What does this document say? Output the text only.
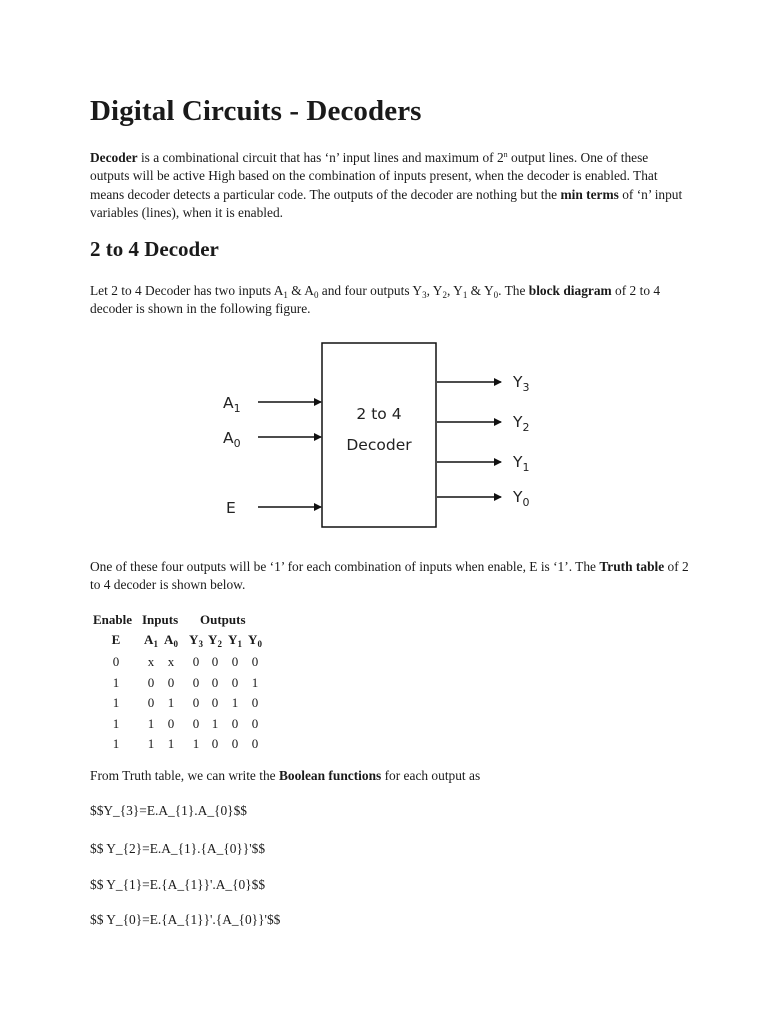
Digital Circuits - Decoders

Decoder is a combinational circuit that has ‘n’ input lines and maximum of 2$^n$ output lines. One of these outputs will be active High based on the combination of inputs present, when the decoder is enabled. That means decoder detects a particular code. The outputs of the decoder are nothing but the min terms of ‘n’ input variables (lines), when it is enabled.

2 to 4 Decoder

Let 2 to 4 Decoder has two inputs $A_1$ & $A_0$ and four outputs $Y_3$, $Y_2$, $Y_1$ & $Y_0$. The block diagram of 2 to 4 decoder is shown in the following figure.

One of these four outputs will be ‘1’ for each combination of inputs when enable, E is ‘1’. The Truth table of 2 to 4 decoder is shown below.

From Truth table, we can write the Boolean functions for each output as

$$Y_{3}=E.A_{1}.A_{0}$$
$$ Y_{2}=E.A_{1}.{A_{0}}'$$
$$ Y_{1}=E.{A_{1}}'.A_{0}$$
$$ Y_{0}=E.{A_{1}}'.{A_{0}}'$$
2 to 4
Decoder
$A_1$
$A_0$
E
$Y_3$
$Y_2$
$Y_1$
$Y_0$
Enable Inputs Outputs
E	$A_1$ $A_0$ $Y_3$ $Y_2$ $Y_1$ $Y_0$
0	x	x	0 0	0	0
1	0	0	0 0	0	1
1	0	1	0 0	1	0
1	1	0	0 1	0	0
1	1	1	1 0	0	0
